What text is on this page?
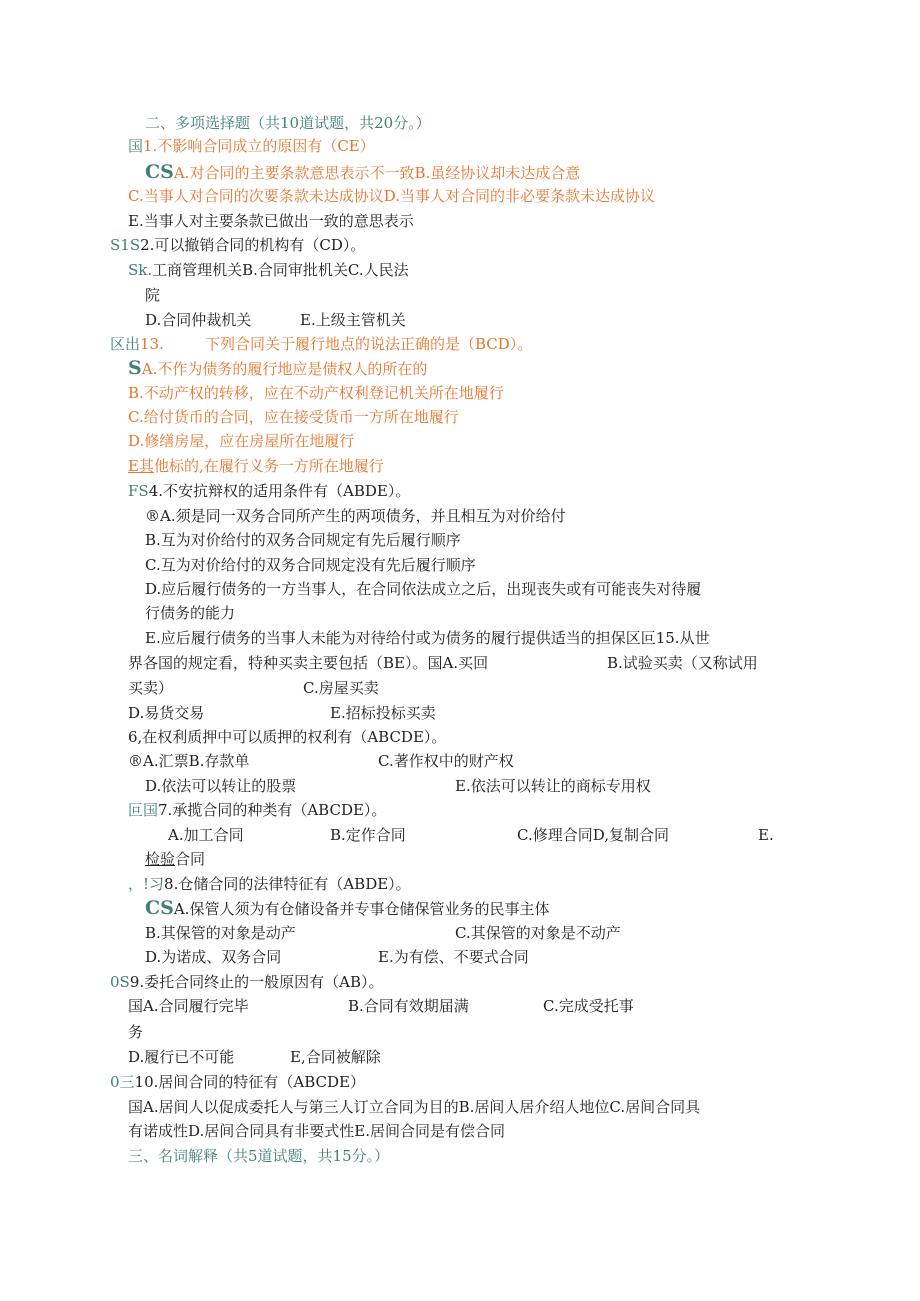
二、多项选择题（共10道试题，共20分。）
国1.不影响合同成立的原因有（CE）
CSA.对合同的主要条款意思表示不一致B.虽经协议却未达成合意
C.当事人对合同的次要条款未达成协议D.当事人对合同的非必要条款未达成协议
E.当事人对主要条款已做出一致的意思表示
S1S2.可以撤销合同的机构有（CD）。
Sk.工商管理机关B.合同审批机关C.人民法
院
D.合同仲裁机关	E.上级主管机关
区出13.	下列合同关于履行地点的说法正确的是（BCD）。
SA.不作为债务的履行地应是债权人的所在的
B.不动产权的转移，应在不动产权利登记机关所在地履行
C.给付货币的合同，应在接受货币一方所在地履行
D.修缮房屋，应在房屋所在地履行
E其他标的,在履行义务一方所在地履行
FS4.不安抗辩权的适用条件有（ABDE）。
®A.须是同一双务合同所产生的两项债务，并且相互为对价给付
B.互为对价给付的双务合同规定有先后履行顺序
C.互为对价给付的双务合同规定没有先后履行顺序
D.应后履行债务的一方当事人，在合同依法成立之后，出现丧失或有可能丧失对待履
行债务的能力
E.应后履行债务的当事人未能为对待给付或为债务的履行提供适当的担保区叵15.从世
界各国的规定看，特种买卖主要包括（BE）。国A.买回	B.试验买卖（又称试用
买卖）	C.房屋买卖
D.易货交易	E.招标投标买卖
6,在权利质押中可以质押的权利有（ABCDE）。
®A.汇票B.存款单	C.著作权中的财产权
D.依法可以转让的股票	E.依法可以转让的商标专用权
叵国7.承揽合同的种类有（ABCDE）。
A.加工合同	B.定作合同	C.修理合同D,复制合同	E.
检验合同
，!习8.仓储合同的法律特征有（ABDE）。
CSA.保管人须为有仓储设备并专事仓储保管业务的民事主体
B.其保管的对象是动产	C.其保管的对象是不动产
D.为诺成、双务合同	E.为有偿、不要式合同
0S9.委托合同终止的一般原因有（AB）。
国A.合同履行完毕	B.合同有效期届满	C.完成受托事
务
D.履行已不可能	E,合同被解除
0三10.居间合同的特征有（ABCDE）
国A.居间人以促成委托人与第三人订立合同为目的B.居间人居介绍人地位C.居间合同具
有诺成性D.居间合同具有非要式性E.居间合同是有偿合同
三、名词解释（共5道试题，共15分。）
